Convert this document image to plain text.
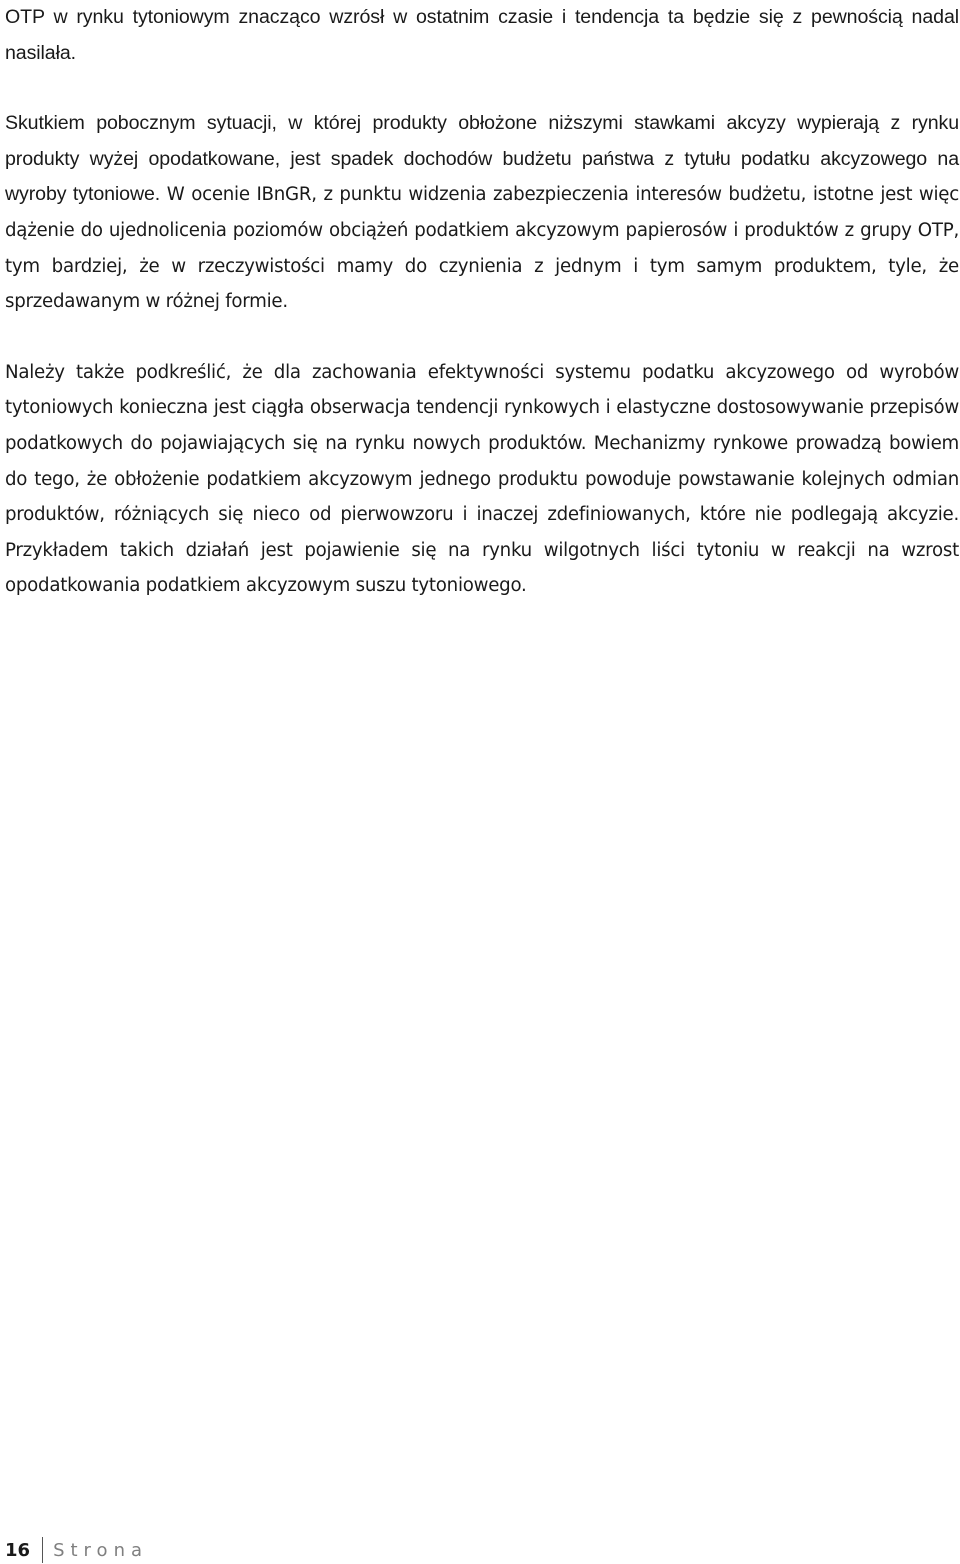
OTP w rynku tytoniowym znacząco wzrósł w ostatnim czasie i tendencja ta będzie się z pewnością nadal nasilała.

Skutkiem pobocznym sytuacji, w której produkty obłożone niższymi stawkami akcyzy wypierają z rynku produkty wyżej opodatkowane, jest spadek dochodów budżetu państwa z tytułu podatku akcyzowego na wyroby tytoniowe. W ocenie IBnGR, z punktu widzenia zabezpieczenia interesów budżetu, istotne jest więc dążenie do ujednolicenia poziomów obciążeń podatkiem akcyzowym papierosów i produktów z grupy OTP, tym bardziej, że w rzeczywistości mamy do czynienia z jednym i tym samym produktem, tyle, że sprzedawanym w różnej formie.

Należy także podkreślić, że dla zachowania efektywności systemu podatku akcyzowego od wyrobów tytoniowych konieczna jest ciągła obserwacja tendencji rynkowych i elastyczne dostosowywanie przepisów podatkowych do pojawiających się na rynku nowych produktów. Mechanizmy rynkowe prowadzą bowiem do tego, że obłożenie podatkiem akcyzowym jednego produktu powoduje powstawanie kolejnych odmian produktów, różniących się nieco od pierwowzoru i inaczej zdefiniowanych, które nie podlegają akcyzie. Przykładem takich działań jest pojawienie się na rynku wilgotnych liści tytoniu w reakcji na wzrost opodatkowania podatkiem akcyzowym suszu tytoniowego.

16 Strona
